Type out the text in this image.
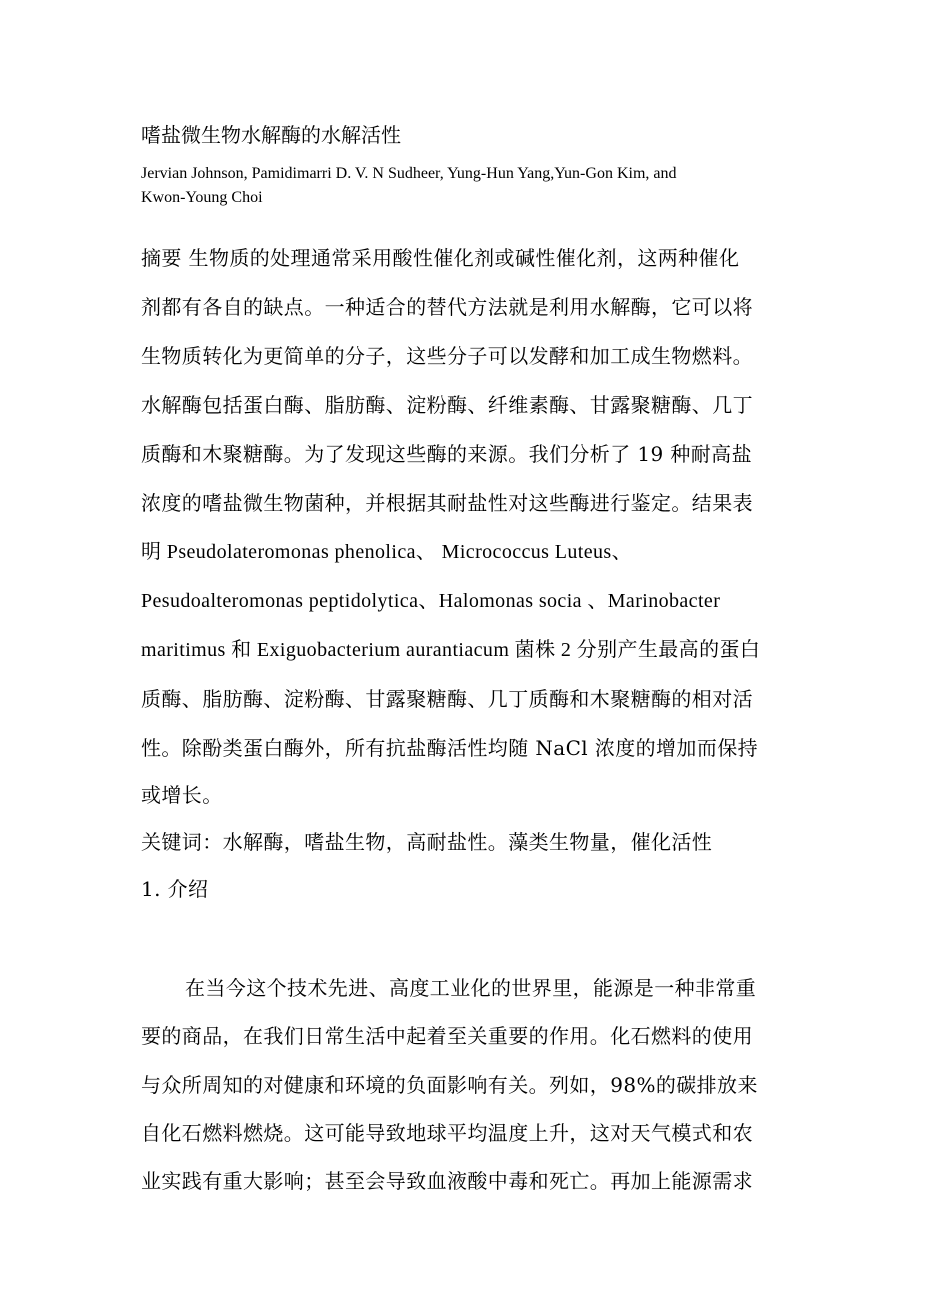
嗜盐微生物水解酶的水解活性
Jervian Johnson, Pamidimarri D. V. N Sudheer, Yung-Hun Yang,Yun-Gon Kim, and
Kwon-Young Choi
摘要 生物质的处理通常采用酸性催化剂或碱性催化剂，这两种催化
剂都有各自的缺点。一种适合的替代方法就是利用水解酶，它可以将
生物质转化为更简单的分子，这些分子可以发酵和加工成生物燃料。
水解酶包括蛋白酶、脂肪酶、淀粉酶、纤维素酶、甘露聚糖酶、几丁
质酶和木聚糖酶。为了发现这些酶的来源。我们分析了 19 种耐高盐
浓度的嗜盐微生物菌种，并根据其耐盐性对这些酶进行鉴定。结果表
明 Pseudolateromonas phenolica、 Micrococcus Luteus、
Pesudoalteromonas peptidolytica、Halomonas socia 、Marinobacter
maritimus 和 Exiguobacterium aurantiacum 菌株 2 分别产生最高的蛋白
质酶、脂肪酶、淀粉酶、甘露聚糖酶、几丁质酶和木聚糖酶的相对活
性。除酚类蛋白酶外，所有抗盐酶活性均随 NaCl 浓度的增加而保持
或增长。
关键词：水解酶，嗜盐生物，高耐盐性。藻类生物量，催化活性
1. 介绍
在当今这个技术先进、高度工业化的世界里，能源是一种非常重
要的商品，在我们日常生活中起着至关重要的作用。化石燃料的使用
与众所周知的对健康和环境的负面影响有关。列如，98%的碳排放来
自化石燃料燃烧。这可能导致地球平均温度上升，这对天气模式和农
业实践有重大影响；甚至会导致血液酸中毒和死亡。再加上能源需求
